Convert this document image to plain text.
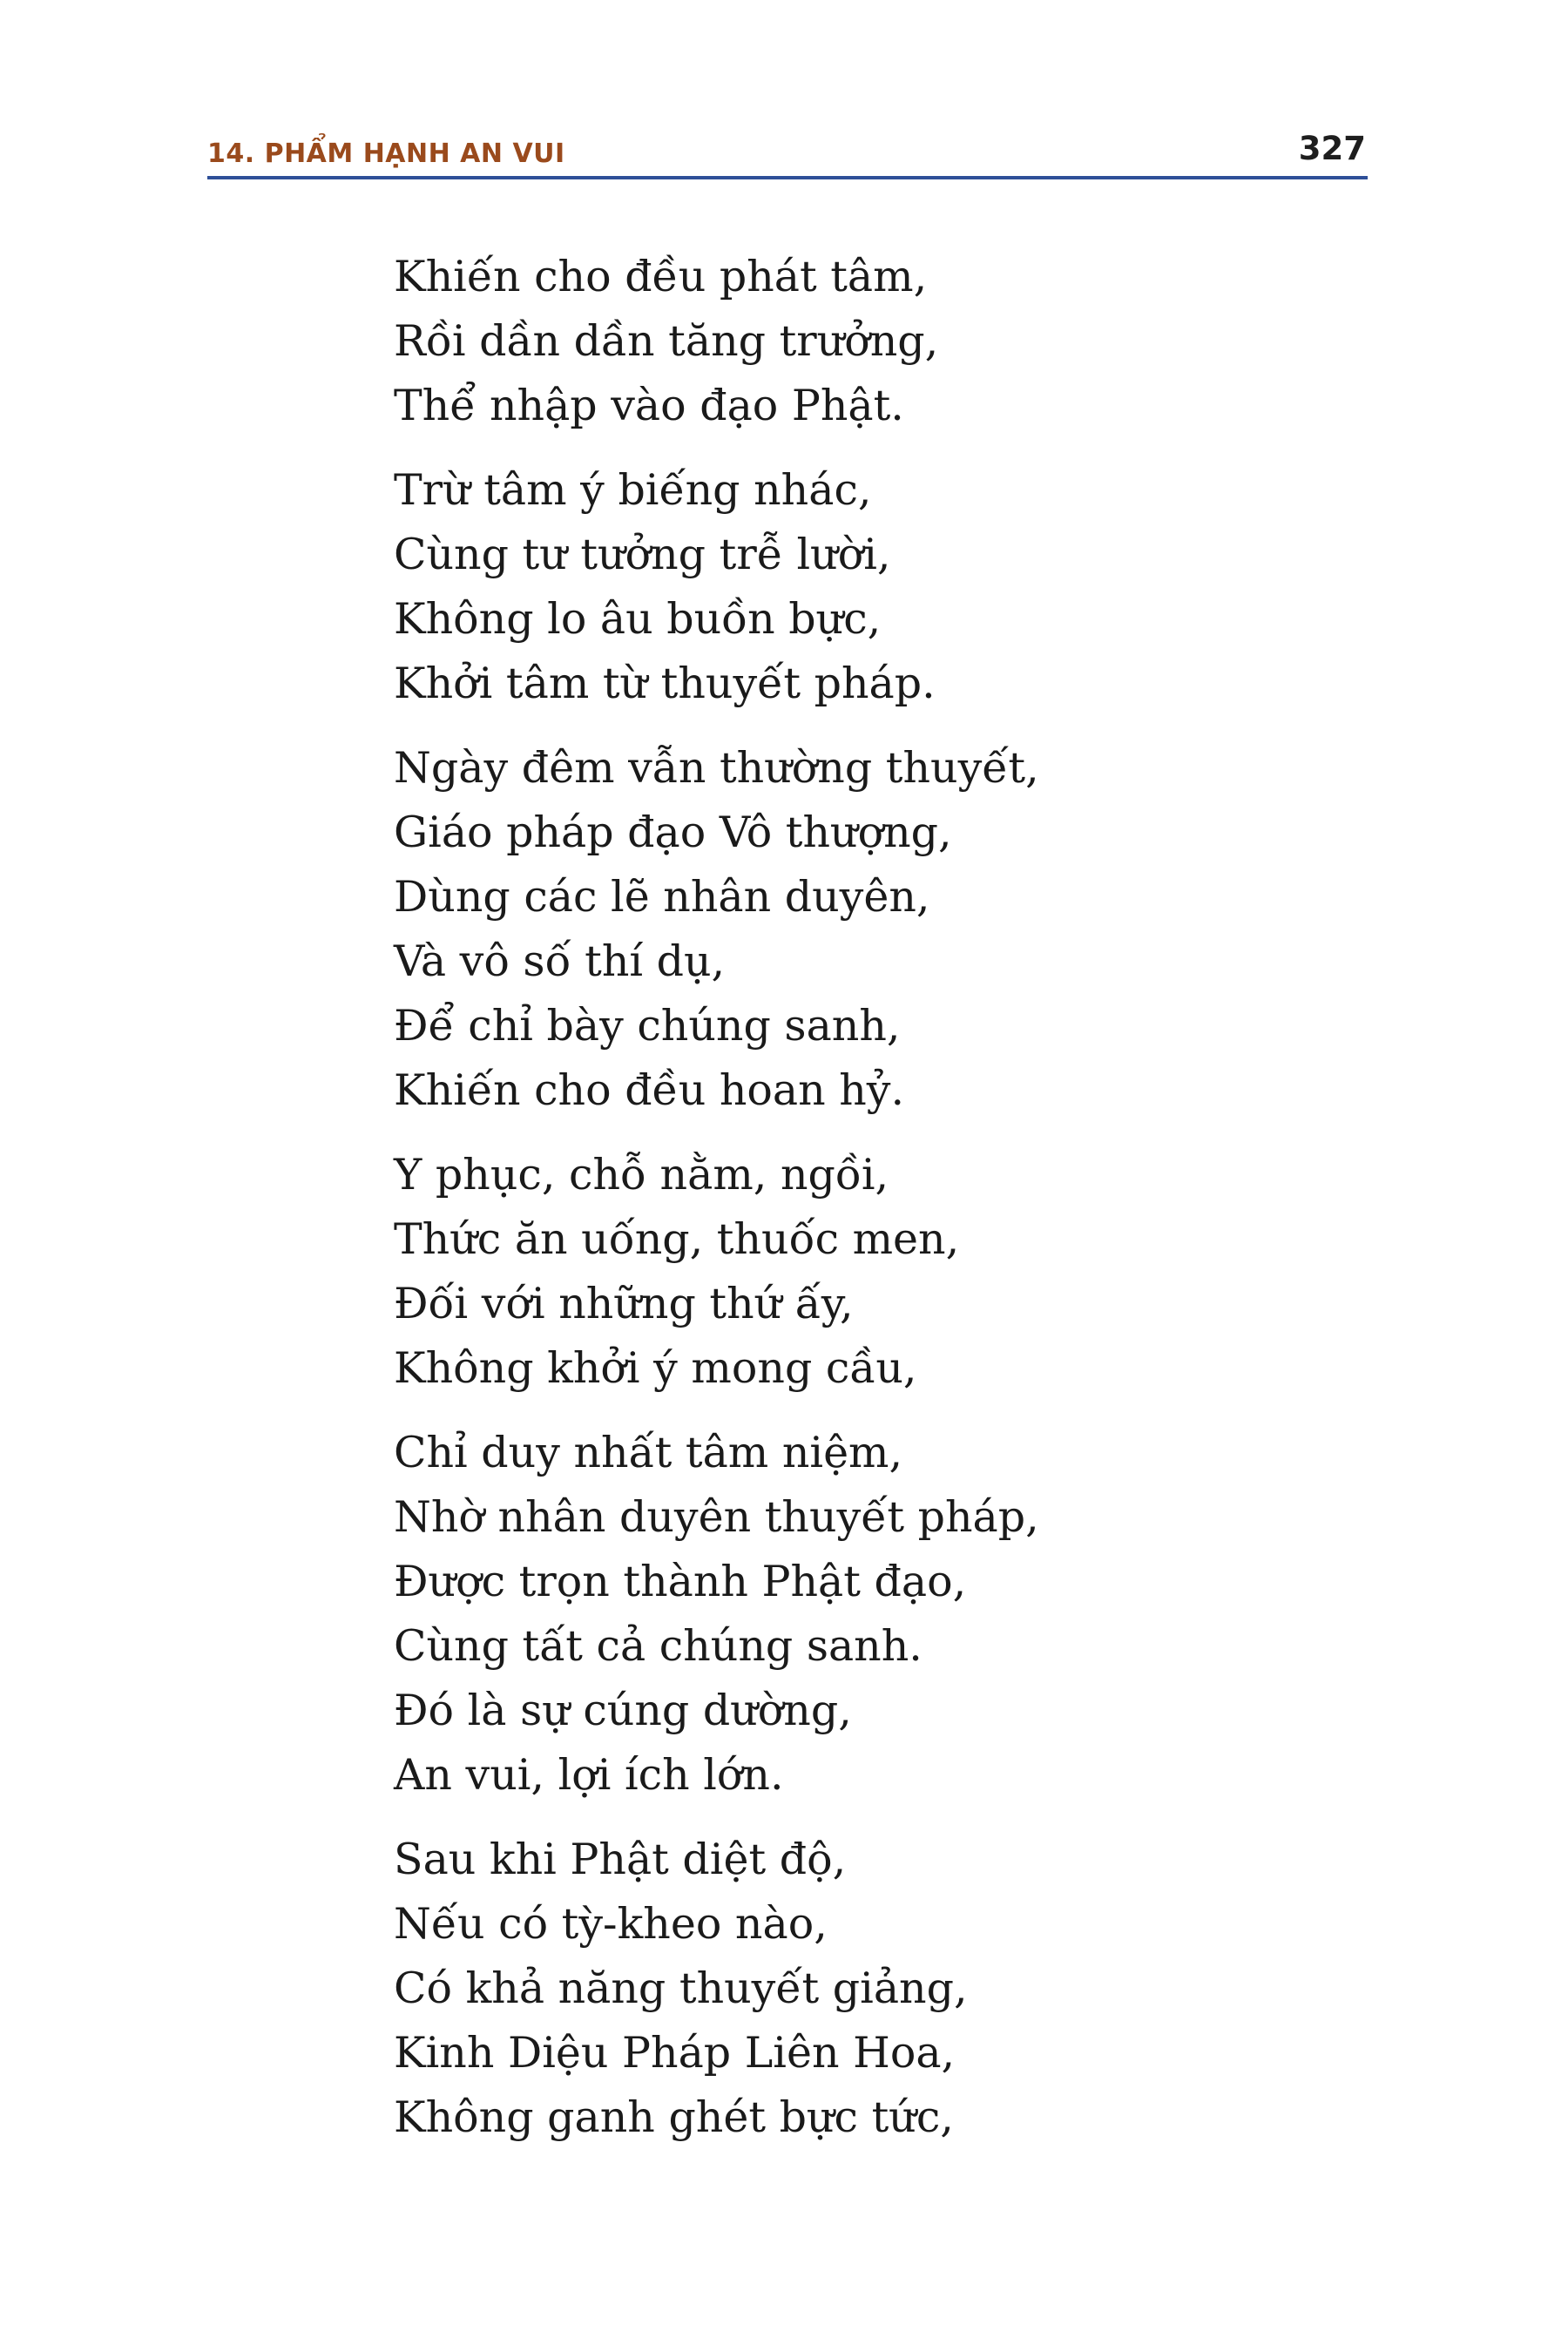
14. PHẨM HẠNH AN VUI	327
Khiến cho đều phát tâm,
Rồi dần dần tăng trưởng,
Thể nhập vào đạo Phật.
Trừ tâm ý biếng nhác,
Cùng tư tưởng trễ lười,
Không lo âu buồn bực,
Khởi tâm từ thuyết pháp.
Ngày đêm vẫn thường thuyết,
Giáo pháp đạo Vô thượng,
Dùng các lẽ nhân duyên,
Và vô số thí dụ,
Để chỉ bày chúng sanh,
Khiến cho đều hoan hỷ.
Y phục, chỗ nằm, ngồi,
Thức ăn uống, thuốc men,
Đối với những thứ ấy,
Không khởi ý mong cầu,
Chỉ duy nhất tâm niệm,
Nhờ nhân duyên thuyết pháp,
Được trọn thành Phật đạo,
Cùng tất cả chúng sanh.
Đó là sự cúng dường,
An vui, lợi ích lớn.
Sau khi Phật diệt độ,
Nếu có tỳ-kheo nào,
Có khả năng thuyết giảng,
Kinh Diệu Pháp Liên Hoa,
Không ganh ghét bực tức,
